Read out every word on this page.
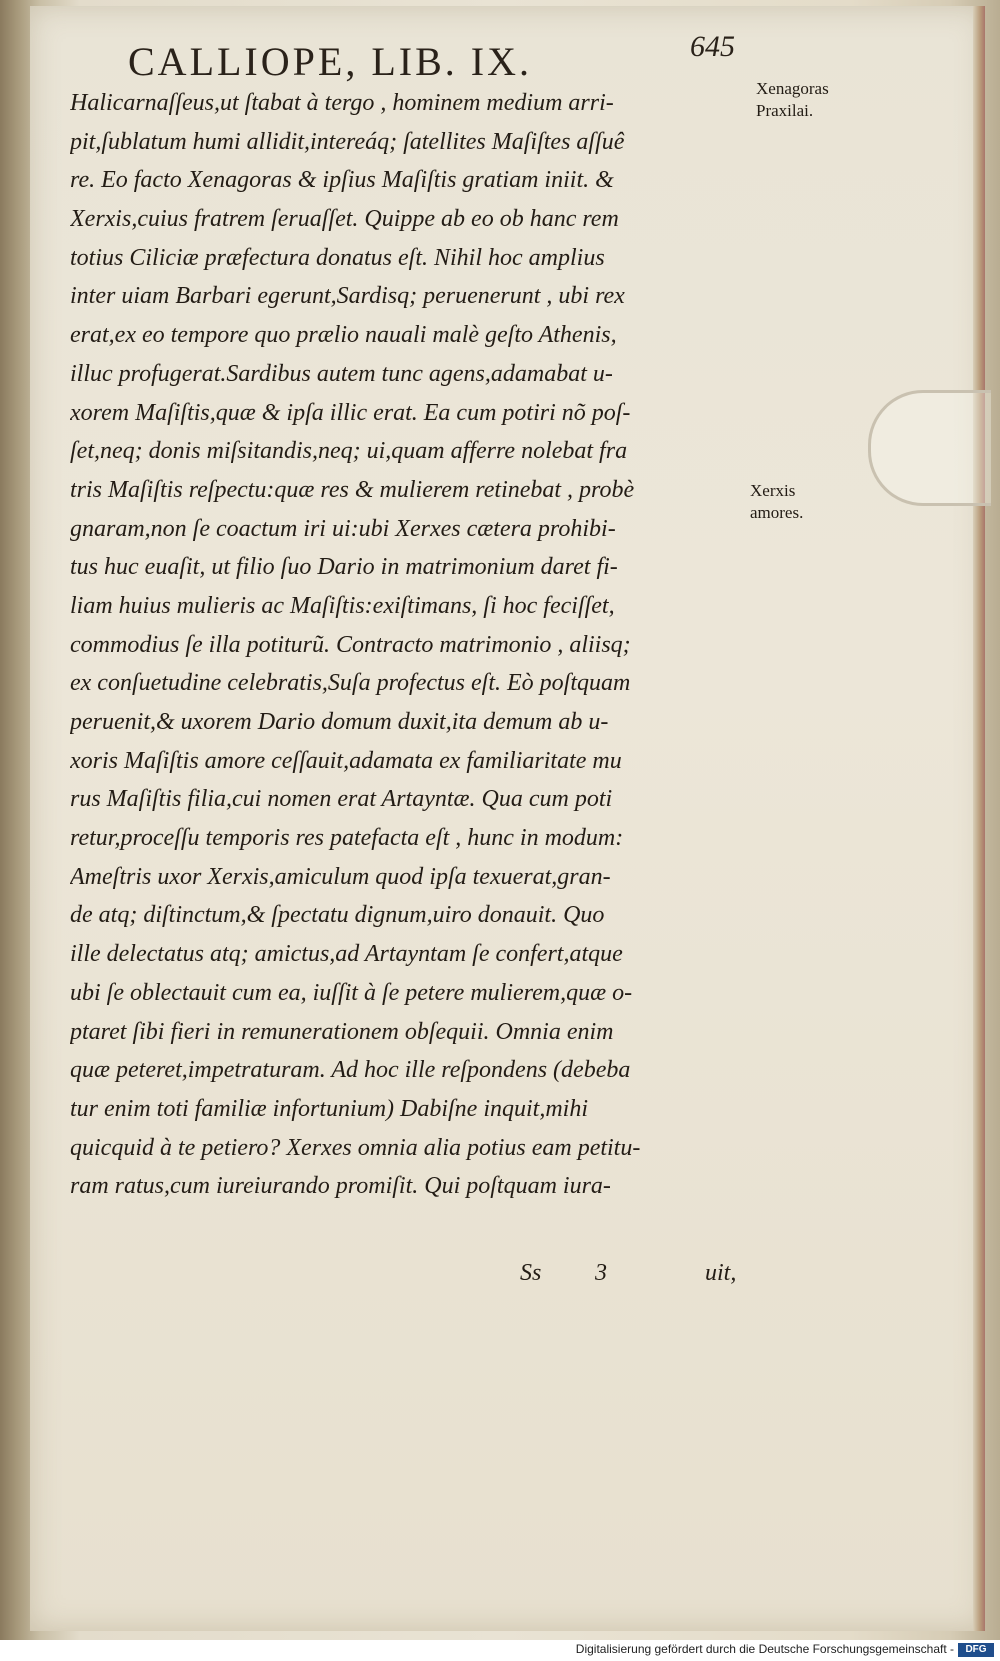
CALLIOPE, LIB. IX.	645
Halicarnaſſeus,ut ſtabat à tergo , hominem medium arri-
pit,ſublatum humi allidit,intereáq; ſatellites Maſiſtes aſſuê
re. Eo facto Xenagoras & ipſius Maſiſtis gratiam iniit. &
Xerxis,cuius fratrem ſeruaſſet. Quippe ab eo ob hanc rem
totius Ciliciæ præfectura donatus eſt. Nihil hoc amplius
inter uiam Barbari egerunt,Sardisq; peruenerunt , ubi rex
erat,ex eo tempore quo prælio nauali malè geſto Athenis,
illuc profugerat.Sardibus autem tunc agens,adamabat u-
xorem Maſiſtis,quæ & ipſa illic erat. Ea cum potiri nõ poſ-
ſet,neq; donis miſsitandis,neq; ui,quam afferre nolebat fra
tris Maſiſtis reſpectu:quæ res & mulierem retinebat , probè
gnaram,non ſe coactum iri ui:ubi Xerxes cætera prohibi-
tus huc euaſit, ut filio ſuo Dario in matrimonium daret fi-
liam huius mulieris ac Maſiſtis:exiſtimans, ſi hoc feciſſet,
commodius ſe illa potiturũ. Contracto matrimonio , aliisq;
ex conſuetudine celebratis,Suſa profectus eſt. Eò poſtquam
peruenit,& uxorem Dario domum duxit,ita demum ab u-
xoris Maſiſtis amore ceſſauit,adamata ex familiaritate mu
rus Maſiſtis filia,cui nomen erat Artayntæ. Qua cum poti
retur,proceſſu temporis res patefacta eſt , hunc in modum:
Ameſtris uxor Xerxis,amiculum quod ipſa texuerat,gran-
de atq; diſtinctum,& ſpectatu dignum,uiro donauit. Quo
ille delectatus atq; amictus,ad Artayntam ſe confert,atque
ubi ſe oblectauit cum ea, iuſſit à ſe petere mulierem,quæ o-
ptaret ſibi fieri in remunerationem obſequii. Omnia enim
quæ peteret,impetraturam. Ad hoc ille reſpondens (debeba
tur enim toti familiæ infortunium) Dabiſne inquit,mihi
quicquid à te petiero? Xerxes omnia alia potius eam petitu-
ram ratus,cum iureiurando promiſit. Qui poſtquam iura-
Xenagoras
Praxilai.
Xerxis
amores.
Ss 3	uit,
Digitalisierung gefördert durch die Deutsche Forschungsgemeinschaft -	DFG
